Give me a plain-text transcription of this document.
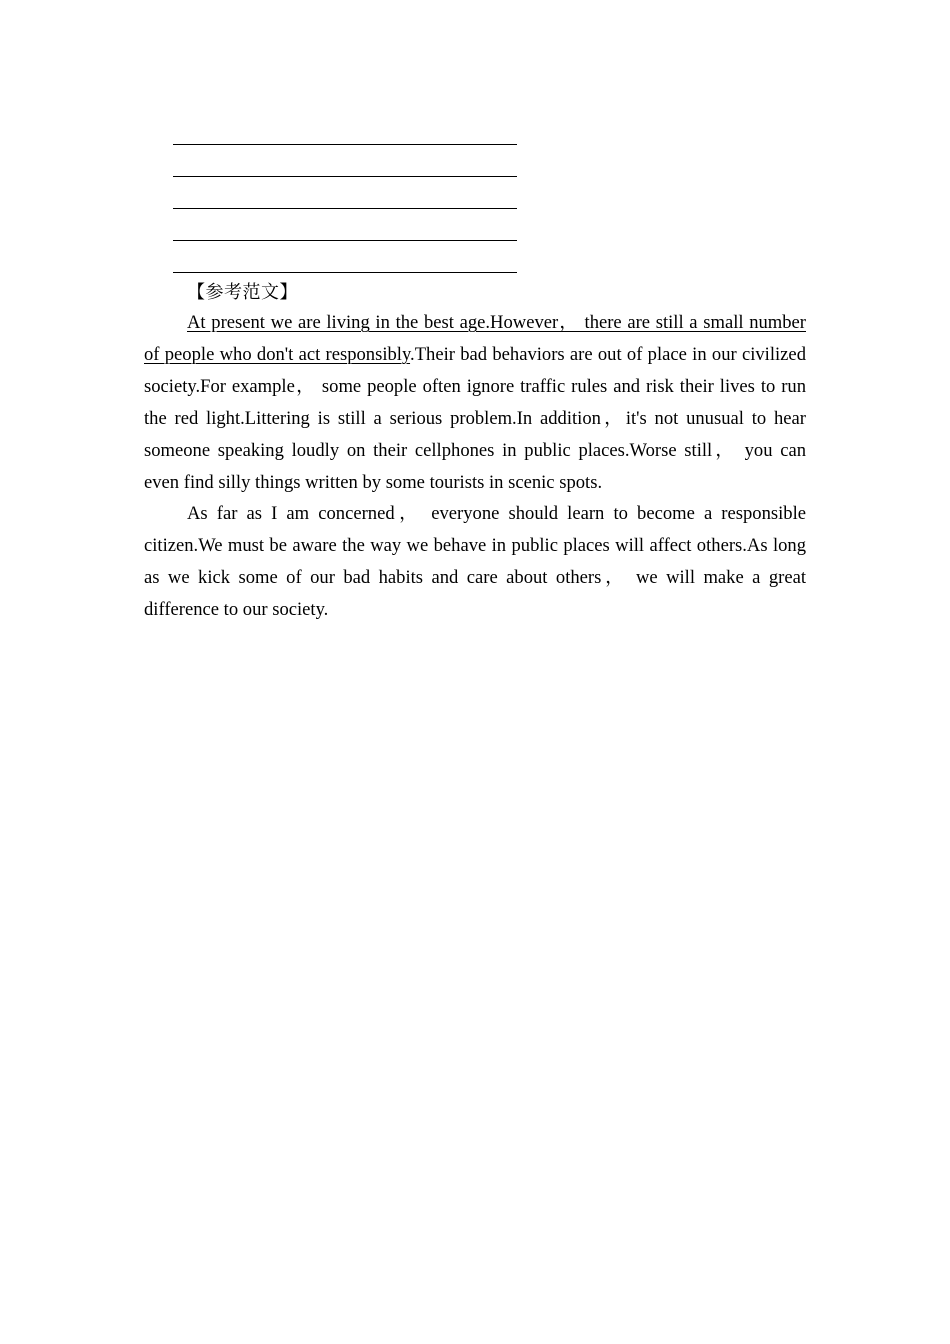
【参考范文】

At present we are living in the best age.However， there are still a small number of people who don't act responsibly.Their bad behaviors are out of place in our civilized society.For example， some people often ignore traffic rules and risk their lives to run the red light.Littering is still a serious problem.In addition，it's not unusual to hear someone speaking loudly on their cellphones in public places.Worse still， you can even find silly things written by some tourists in scenic spots.

As far as I am concerned， everyone should learn to become a responsible citizen.We must be aware the way we behave in public places will affect others.As long as we kick some of our bad habits and care about others， we will make a great difference to our society.
